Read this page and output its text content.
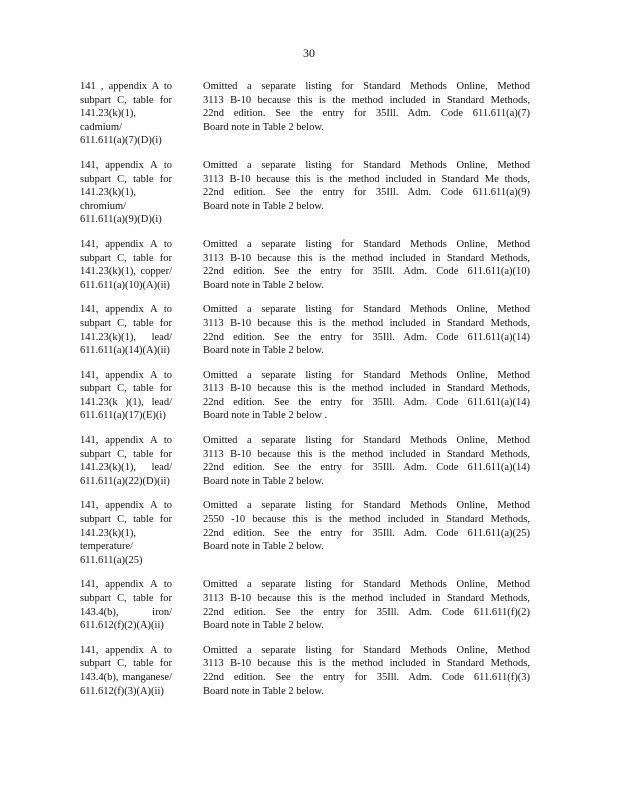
30
141 , appendix A to
subpart C, table for
141.23(k)(1),
cadmium/
611.611(a)(7)(D)(i)
Omitted a separate listing for Standard Methods Online, Method
3113 B-10 because this is the method included in Standard Methods,
22nd edition. See the entry for 35Ill. Adm. Code 611.611(a)(7)
Board note in Table 2 below.
141, appendix A to
subpart C, table for
141.23(k)(1),
chromium/
611.611(a)(9)(D)(i)
Omitted a separate listing for Standard Methods Online, Method
3113 B-10 because this is the method included in Standard Me thods,
22nd edition. See the entry for 35Ill. Adm. Code 611.611(a)(9)
Board note in Table 2 below.
141, appendix A to
subpart C, table for
141.23(k)(1), copper/
611.611(a)(10)(A)(ii)
Omitted a separate listing for Standard Methods Online, Method
3113 B-10 because this is the method included in Standard Methods,
22nd edition. See the entry for 35Ill. Adm. Code 611.611(a)(10)
Board note in Table 2 below.
141, appendix A to
subpart C, table for
141.23(k)(1), lead/
611.611(a)(14)(A)(ii)
Omitted a separate listing for Standard Methods Online, Method
3113 B-10 because this is the method included in Standard Methods,
22nd edition. See the entry for 35Ill. Adm. Code 611.611(a)(14)
Board note in Table 2 below.
141, appendix A to
subpart C, table for
141.23(k )(1), lead/
611.611(a)(17)(E)(i)
Omitted a separate listing for Standard Methods Online, Method
3113 B-10 because this is the method included in Standard Methods,
22nd edition. See the entry for 35Ill. Adm. Code 611.611(a)(14)
Board note in Table 2 below .
141, appendix A to
subpart C, table for
141.23(k)(1), lead/
611.611(a)(22)(D)(ii)
Omitted a separate listing for Standard Methods Online, Method
3113 B-10 because this is the method included in Standard Methods,
22nd edition. See the entry for 35Ill. Adm. Code 611.611(a)(14)
Board note in Table 2 below.
141, appendix A to
subpart C, table for
141.23(k)(1),
temperature/
611.611(a)(25)
Omitted a separate listing for Standard Methods Online, Method
2550 -10 because this is the method included in Standard Methods,
22nd edition. See the entry for 35Ill. Adm. Code 611.611(a)(25)
Board note in Table 2 below.
141, appendix A to
subpart C, table for
143.4(b), iron/
611.612(f)(2)(A)(ii)
Omitted a separate listing for Standard Methods Online, Method
3113 B-10 because this is the method included in Standard Methods,
22nd edition. See the entry for 35Ill. Adm. Code 611.611(f)(2)
Board note in Table 2 below.
141, appendix A to
subpart C, table for
143.4(b), manganese/
611.612(f)(3)(A)(ii)
Omitted a separate listing for Standard Methods Online, Method
3113 B-10 because this is the method included in Standard Methods,
22nd edition. See the entry for 35Ill. Adm. Code 611.611(f)(3)
Board note in Table 2 below.
